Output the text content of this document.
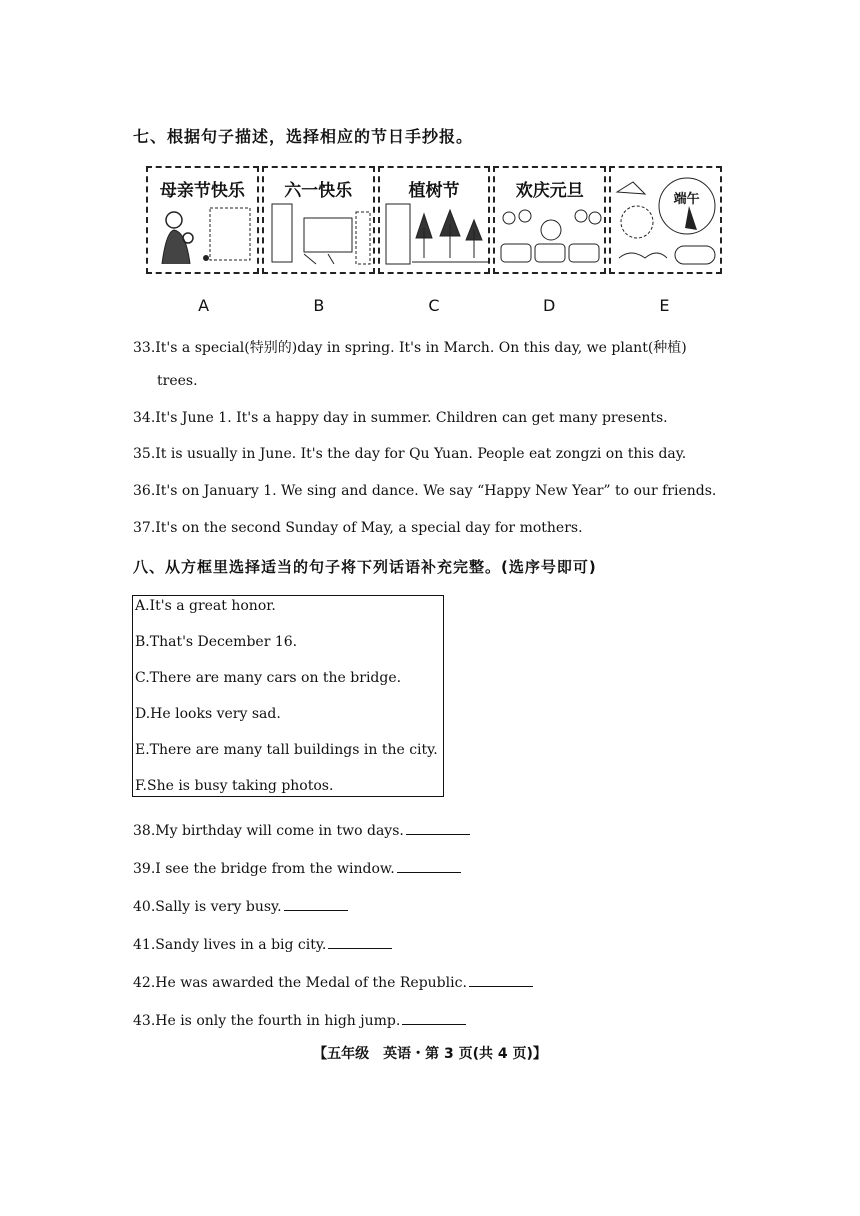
七、根据句子描述，选择相应的节日手抄报。
母亲节快乐	六一快乐	植树节	欢庆元旦	端午
A	B	C	D	E
33.It's a special(特别的)day in spring. It's in March. On this day, we plant(种植)
trees.
34.It's June 1. It's a happy day in summer. Children can get many presents.
35.It is usually in June. It's the day for Qu Yuan. People eat zongzi on this day.
36.It's on January 1. We sing and dance. We say “Happy New Year” to our friends.
37.It's on the second Sunday of May, a special day for mothers.
八、从方框里选择适当的句子将下列话语补充完整。(选序号即可)
A.It's a great honor.
B.That's December 16.
C.There are many cars on the bridge.
D.He looks very sad.
E.There are many tall buildings in the city.
F.She is busy taking photos.
38.My birthday will come in two days.
39.I see the bridge from the window.
40.Sally is very busy.
41.Sandy lives in a big city.
42.He was awarded the Medal of the Republic.
43.He is only the fourth in high jump.
【五年级　英语・第 3 页(共 4 页)】
